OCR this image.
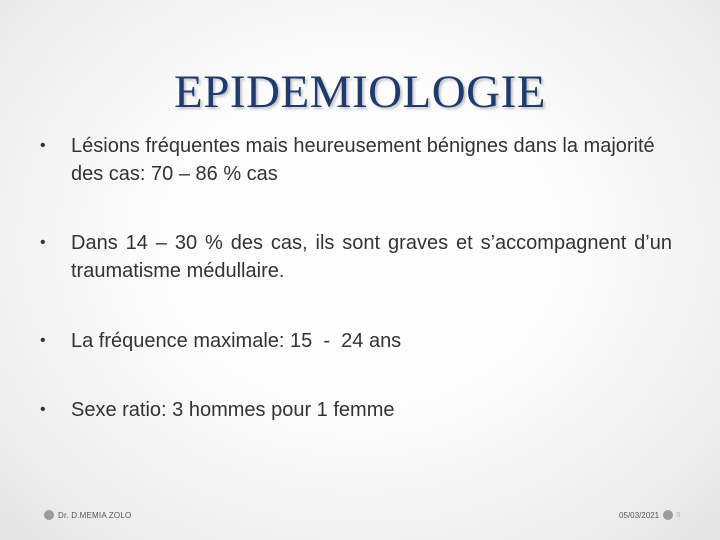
EPIDEMIOLOGIE
•	Lésions fréquentes mais heureusement bénignes dans la majorité des cas: 70 – 86 % cas
•	Dans 14 – 30 % des cas, ils sont graves et s’accompagnent d’un traumatisme médullaire.
•	La fréquence maximale: 15  -  24 ans
•	Sexe ratio: 3 hommes pour 1 femme
Dr. D.MEMIA ZOLO	05/03/2021 3
